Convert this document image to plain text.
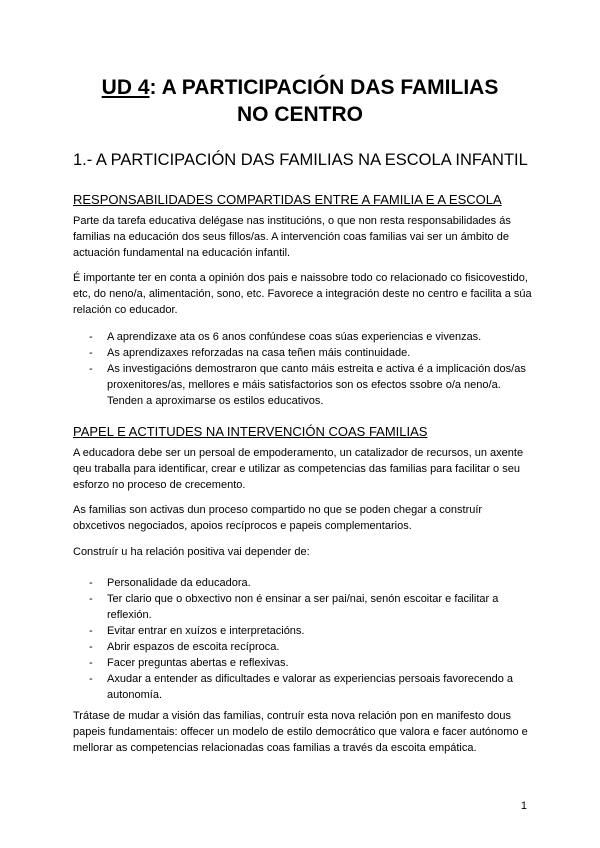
UD 4: A PARTICIPACIÓN DAS FAMILIAS
NO CENTRO
1.- A PARTICIPACIÓN DAS FAMILIAS NA ESCOLA INFANTIL
RESPONSABILIDADES COMPARTIDAS ENTRE A FAMILIA E A ESCOLA
Parte da tarefa educativa delégase nas institucións, o que non resta responsabilidades ás familias na educación dos seus fillos/as. A intervención coas familias vai ser un ámbito de actuación fundamental na educación infantil.
É importante ter en conta a opinión dos pais e naissobre todo co relacionado co fisicovestido, etc, do neno/a, alimentación, sono, etc. Favorece a integración deste no centro e facilita a súa relación co educador.
- A aprendizaxe ata os 6 anos confúndese coas súas experiencias e vivenzas.
- As aprendizaxes reforzadas na casa teñen máis continuidade.
- As investigacións demostraron que canto máis estreita e activa é a implicación dos/as proxenitores/as, mellores e máis satisfactorios son os efectos ssobre o/a neno/a. Tenden a aproximarse os estilos educativos.
PAPEL E ACTITUDES NA INTERVENCIÓN COAS FAMILIAS
A educadora debe ser un persoal de empoderamento, un catalizador de recursos, un axente qeu traballa para identificar, crear e utilizar as competencias das familias para facilitar o seu esforzo no proceso de crecemento.
As familias son activas dun proceso compartido no que se poden chegar a construír obxcetivos negociados, apoios recíprocos e papeis complementarios.
Construír u ha relación positiva vai depender de:
- Personalidade da educadora.
- Ter clario que o obxectivo non é ensinar a ser pai/nai, senón escoitar e facilitar a reflexión.
- Evitar entrar en xuízos e interpretacións.
- Abrir espazos de escoita recíproca.
- Facer preguntas abertas e reflexivas.
- Axudar a entender as dificultades e valorar as experiencias persoais favorecendo a autonomía.
Trátase de mudar a visión das familias, contruír esta nova relación pon en manifesto dous papeis fundamentais: offecer un modelo de estilo democrático que valora e facer autónomo e mellorar as competencias relacionadas coas familias a través da escoita empática.
1
